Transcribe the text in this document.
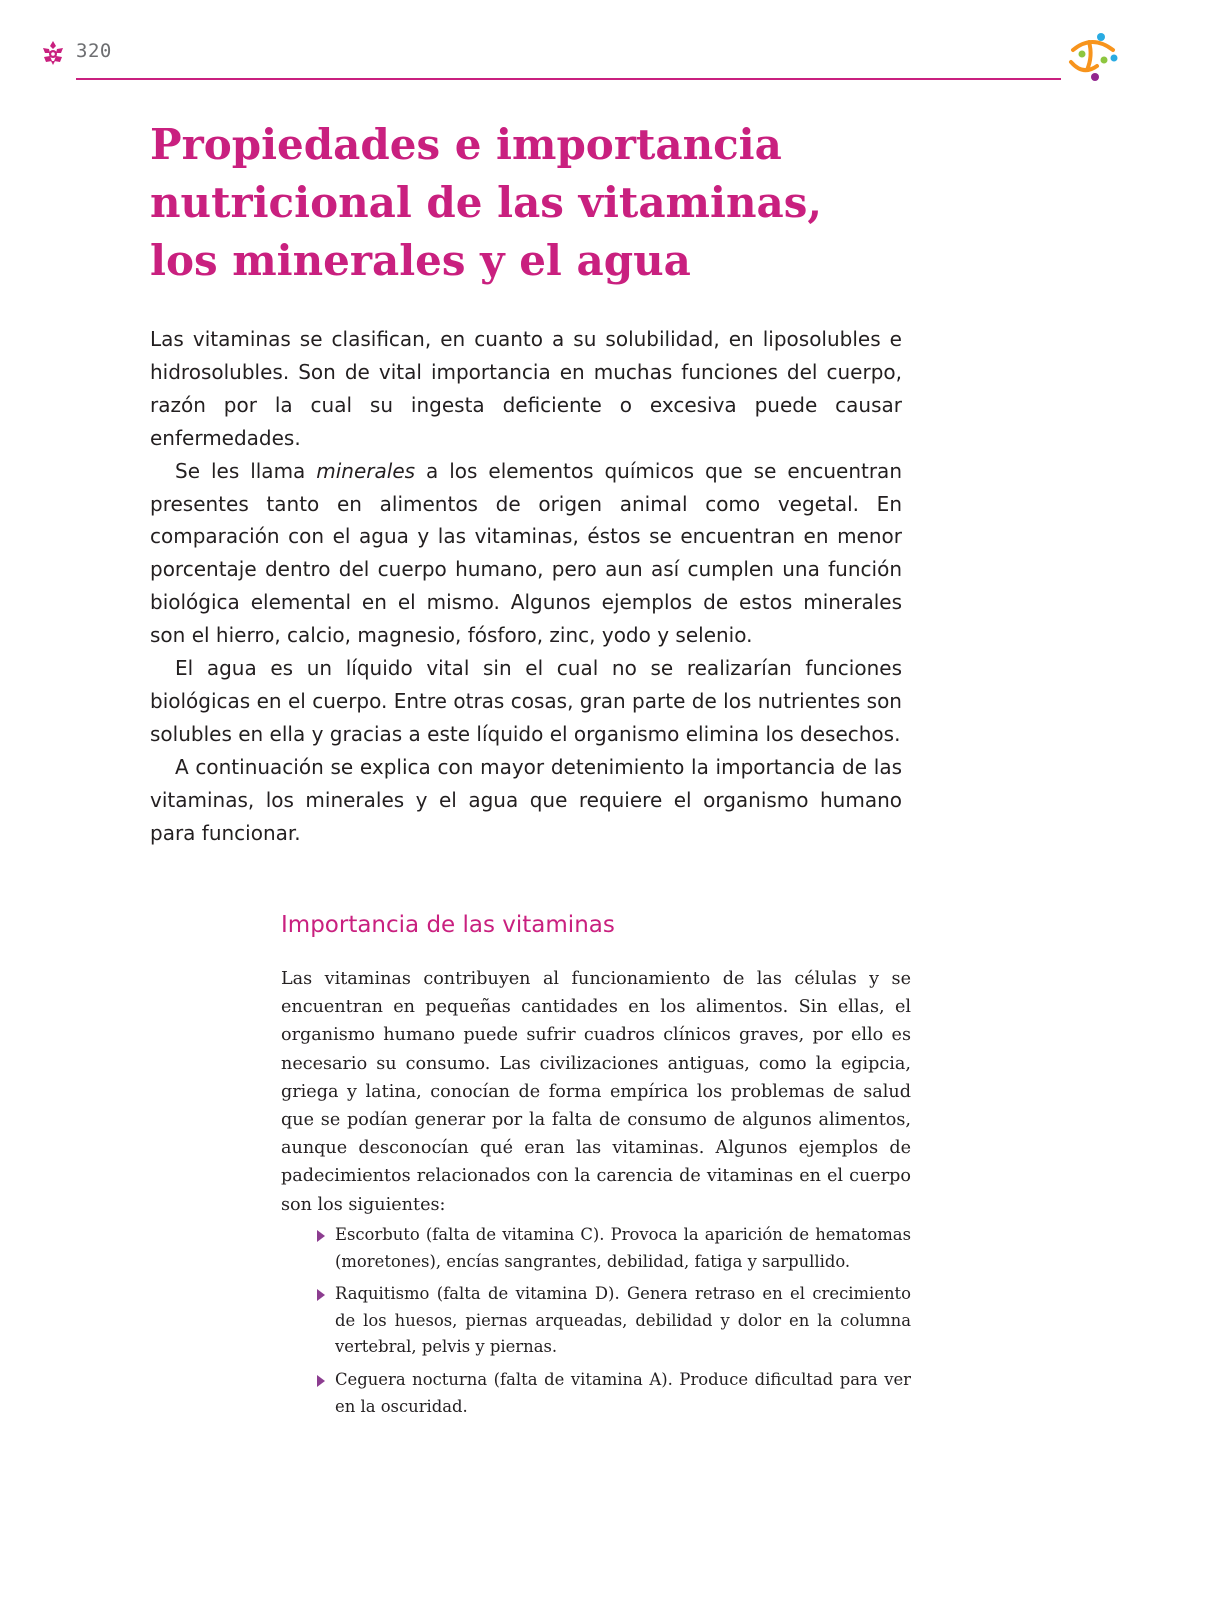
320
Propiedades e importancia
nutricional de las vitaminas,
los minerales y el agua

Las vitaminas se clasifican, en cuanto a su solubilidad, en liposolubles e hidrosolubles. Son de vital importancia en muchas funciones del cuerpo, razón por la cual su ingesta deficiente o excesiva puede causar enfermedades.

Se les llama minerales a los elementos químicos que se encuentran presentes tanto en alimentos de origen animal como vegetal. En comparación con el agua y las vitaminas, éstos se encuentran en menor porcentaje dentro del cuerpo humano, pero aun así cumplen una función biológica elemental en el mismo. Algunos ejemplos de estos minerales son el hierro, calcio, magnesio, fósforo, zinc, yodo y selenio.

El agua es un líquido vital sin el cual no se realizarían funciones biológicas en el cuerpo. Entre otras cosas, gran parte de los nutrientes son solubles en ella y gracias a este líquido el organismo elimina los desechos.

A continuación se explica con mayor detenimiento la importancia de las vitaminas, los minerales y el agua que requiere el organismo humano para funcionar.

Importancia de las vitaminas

Las vitaminas contribuyen al funcionamiento de las células y se encuentran en pequeñas cantidades en los alimentos. Sin ellas, el organismo humano puede sufrir cuadros clínicos graves, por ello es necesario su consumo. Las civilizaciones antiguas, como la egipcia, griega y latina, conocían de forma empírica los problemas de salud que se podían generar por la falta de consumo de algunos alimentos, aunque desconocían qué eran las vitaminas. Algunos ejemplos de padecimientos relacionados con la carencia de vitaminas en el cuerpo son los siguientes:

Escorbuto (falta de vitamina C). Provoca la aparición de hematomas (moretones), encías sangrantes, debilidad, fatiga y sarpullido.
Raquitismo (falta de vitamina D). Genera retraso en el crecimiento de los huesos, piernas arqueadas, debilidad y dolor en la columna vertebral, pelvis y piernas.
Ceguera nocturna (falta de vitamina A). Produce dificultad para ver en la oscuridad.
